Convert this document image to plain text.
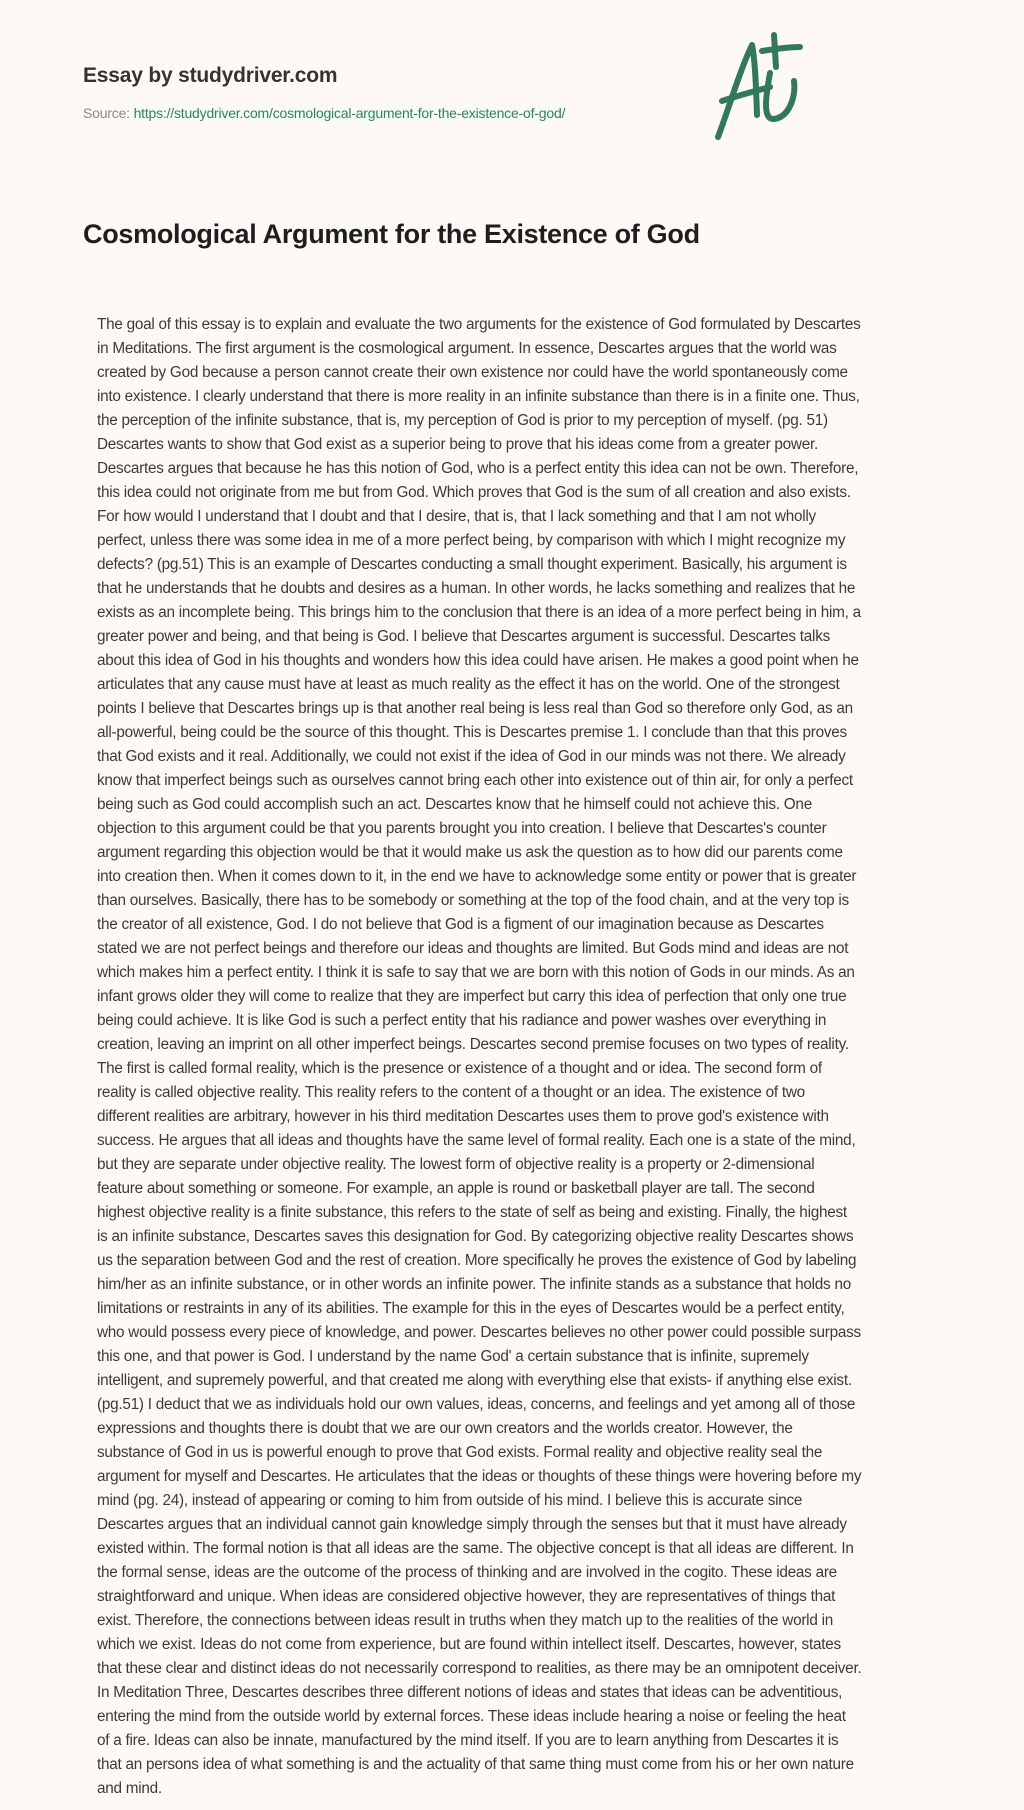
Essay by studydriver.com
Source: https://studydriver.com/cosmological-argument-for-the-existence-of-god/
Cosmological Argument for the Existence of God
The goal of this essay is to explain and evaluate the two arguments for the existence of God formulated by Descartes
in Meditations. The first argument is the cosmological argument. In essence, Descartes argues that the world was
created by God because a person cannot create their own existence nor could have the world spontaneously come
into existence. I clearly understand that there is more reality in an infinite substance than there is in a finite one. Thus,
the perception of the infinite substance, that is, my perception of God is prior to my perception of myself. (pg. 51)
Descartes wants to show that God exist as a superior being to prove that his ideas come from a greater power.
Descartes argues that because he has this notion of God, who is a perfect entity this idea can not be own. Therefore,
this idea could not originate from me but from God. Which proves that God is the sum of all creation and also exists.
For how would I understand that I doubt and that I desire, that is, that I lack something and that I am not wholly
perfect, unless there was some idea in me of a more perfect being, by comparison with which I might recognize my
defects? (pg.51) This is an example of Descartes conducting a small thought experiment. Basically, his argument is
that he understands that he doubts and desires as a human. In other words, he lacks something and realizes that he
exists as an incomplete being. This brings him to the conclusion that there is an idea of a more perfect being in him, a
greater power and being, and that being is God. I believe that Descartes argument is successful. Descartes talks
about this idea of God in his thoughts and wonders how this idea could have arisen. He makes a good point when he
articulates that any cause must have at least as much reality as the effect it has on the world. One of the strongest
points I believe that Descartes brings up is that another real being is less real than God so therefore only God, as an
all-powerful, being could be the source of this thought. This is Descartes premise 1. I conclude than that this proves
that God exists and it real. Additionally, we could not exist if the idea of God in our minds was not there. We already
know that imperfect beings such as ourselves cannot bring each other into existence out of thin air, for only a perfect
being such as God could accomplish such an act. Descartes know that he himself could not achieve this. One
objection to this argument could be that you parents brought you into creation. I believe that Descartes's counter
argument regarding this objection would be that it would make us ask the question as to how did our parents come
into creation then. When it comes down to it, in the end we have to acknowledge some entity or power that is greater
than ourselves. Basically, there has to be somebody or something at the top of the food chain, and at the very top is
the creator of all existence, God. I do not believe that God is a figment of our imagination because as Descartes
stated we are not perfect beings and therefore our ideas and thoughts are limited. But Gods mind and ideas are not
which makes him a perfect entity. I think it is safe to say that we are born with this notion of Gods in our minds. As an
infant grows older they will come to realize that they are imperfect but carry this idea of perfection that only one true
being could achieve. It is like God is such a perfect entity that his radiance and power washes over everything in
creation, leaving an imprint on all other imperfect beings. Descartes second premise focuses on two types of reality.
The first is called formal reality, which is the presence or existence of a thought and or idea. The second form of
reality is called objective reality. This reality refers to the content of a thought or an idea. The existence of two
different realities are arbitrary, however in his third meditation Descartes uses them to prove god's existence with
success. He argues that all ideas and thoughts have the same level of formal reality. Each one is a state of the mind,
but they are separate under objective reality. The lowest form of objective reality is a property or 2-dimensional
feature about something or someone. For example, an apple is round or basketball player are tall. The second
highest objective reality is a finite substance, this refers to the state of self as being and existing. Finally, the highest
is an infinite substance, Descartes saves this designation for God. By categorizing objective reality Descartes shows
us the separation between God and the rest of creation. More specifically he proves the existence of God by labeling
him/her as an infinite substance, or in other words an infinite power. The infinite stands as a substance that holds no
limitations or restraints in any of its abilities. The example for this in the eyes of Descartes would be a perfect entity,
who would possess every piece of knowledge, and power. Descartes believes no other power could possible surpass
this one, and that power is God. I understand by the name God' a certain substance that is infinite, supremely
intelligent, and supremely powerful, and that created me along with everything else that exists- if anything else exist.
(pg.51) I deduct that we as individuals hold our own values, ideas, concerns, and feelings and yet among all of those
expressions and thoughts there is doubt that we are our own creators and the worlds creator. However, the
substance of God in us is powerful enough to prove that God exists. Formal reality and objective reality seal the
argument for myself and Descartes. He articulates that the ideas or thoughts of these things were hovering before my
mind (pg. 24), instead of appearing or coming to him from outside of his mind. I believe this is accurate since
Descartes argues that an individual cannot gain knowledge simply through the senses but that it must have already
existed within. The formal notion is that all ideas are the same. The objective concept is that all ideas are different. In
the formal sense, ideas are the outcome of the process of thinking and are involved in the cogito. These ideas are
straightforward and unique. When ideas are considered objective however, they are representatives of things that
exist. Therefore, the connections between ideas result in truths when they match up to the realities of the world in
which we exist. Ideas do not come from experience, but are found within intellect itself. Descartes, however, states
that these clear and distinct ideas do not necessarily correspond to realities, as there may be an omnipotent deceiver.
In Meditation Three, Descartes describes three different notions of ideas and states that ideas can be adventitious,
entering the mind from the outside world by external forces. These ideas include hearing a noise or feeling the heat
of a fire. Ideas can also be innate, manufactured by the mind itself. If you are to learn anything from Descartes it is
that an persons idea of what something is and the actuality of that same thing must come from his or her own nature
and mind.
